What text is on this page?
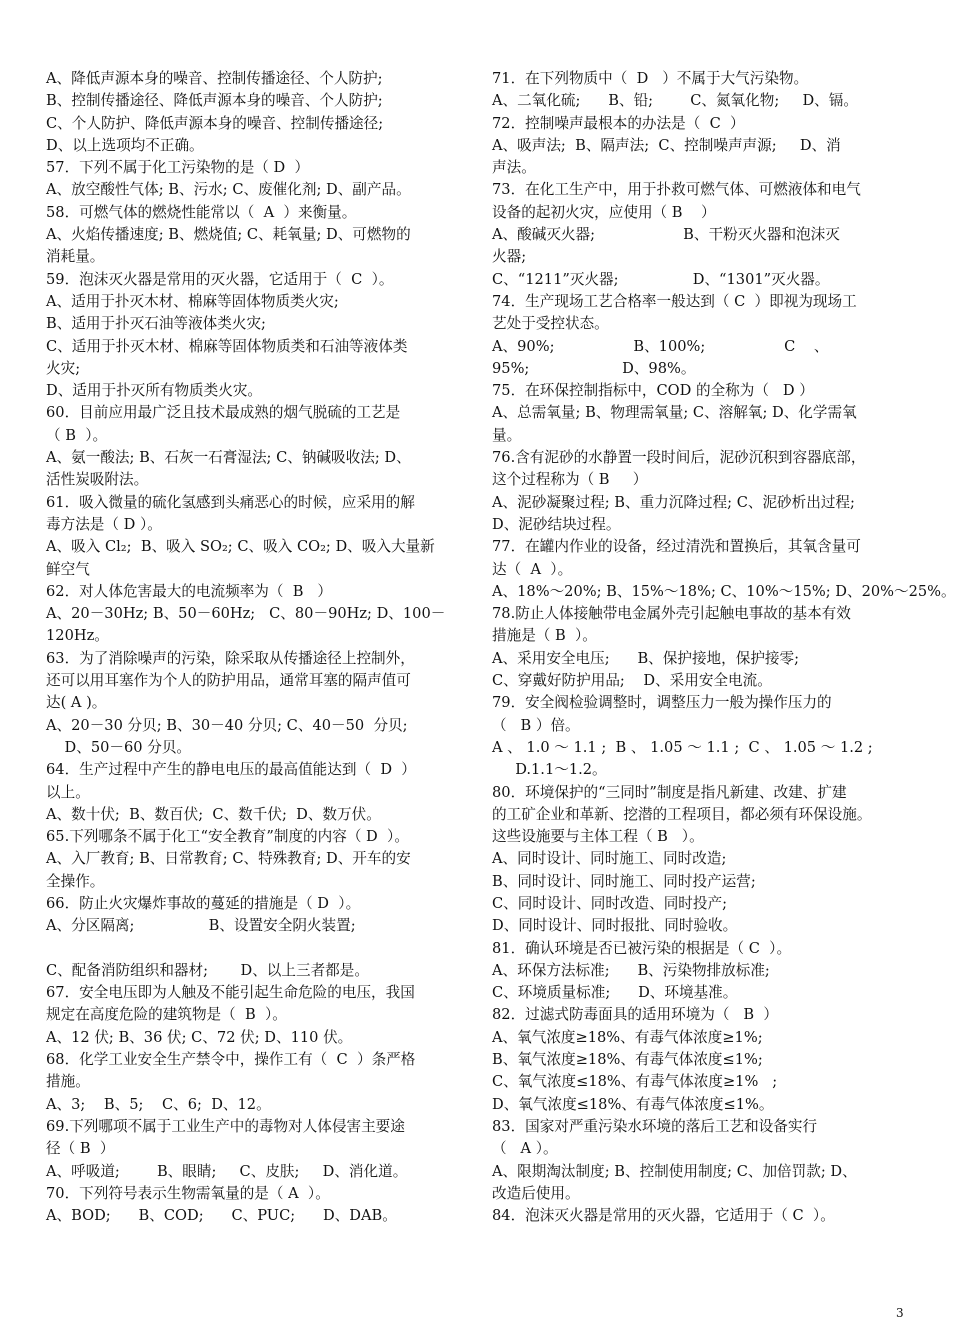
A、降低声源本身的噪音、控制传播途径、个人防护;
B、控制传播途径、降低声源本身的噪音、个人防护;
C、个人防护、降低声源本身的噪音、控制传播途径;
D、以上选项均不正确。
57．下列不属于化工污染物的是（ D  ）
A、放空酸性气体; B、污水; C、废催化剂; D、副产品。
58．可燃气体的燃烧性能常以（  A  ）来衡量。
A、火焰传播速度; B、燃烧值; C、耗氧量; D、可燃物的
消耗量。
59．泡沫灭火器是常用的灭火器，它适用于（  C  ）。
A、适用于扑灭木材、棉麻等固体物质类火灾;
B、适用于扑灭石油等液体类火灾;
C、适用于扑灭木材、棉麻等固体物质类和石油等液体类
火灾;
D、适用于扑灭所有物质类火灾。
60．目前应用最广泛且技术最成熟的烟气脱硫的工艺是
（ B  ）。
A、氨一酸法; B、石灰一石膏湿法; C、钠碱吸收法; D、
活性炭吸附法。
61．吸入微量的硫化氢感到头痛恶心的时候，应采用的解
毒方法是（ D ）。
A、吸入 Cl₂;  B、吸入 SO₂; C、吸入 CO₂; D、吸入大量新
鲜空气
62．对人体危害最大的电流频率为（  B   ）
A、20－30Hz; B、50－60Hz;   C、80－90Hz; D、100－
120Hz。
63．为了消除噪声的污染，除采取从传播途径上控制外，
还可以用耳塞作为个人的防护用品，通常耳塞的隔声值可
达( A )。
A、20－30 分贝; B、30－40 分贝; C、40－50  分贝;
D、50－60 分贝。
64．生产过程中产生的静电电压的最高值能达到（  D  ）
以上。
A、数十伏;  B、数百伏;  C、数千伏;  D、数万伏。
65.下列哪条不属于化工“安全教育”制度的内容（ D  ）。
A、入厂教育; B、日常教育; C、特殊教育; D、开车的安
全操作。
66．防止火灾爆炸事故的蔓延的措施是（ D  ）。
A、分区隔离;                B、设置安全阴火装置;
C、配备消防组织和器材;       D、以上三者都是。
67．安全电压即为人触及不能引起生命危险的电压，我国
规定在高度危险的建筑物是（  B  ）。
A、12 伏; B、36 伏; C、72 伏; D、110 伏。
68．化学工业安全生产禁令中，操作工有（  C  ）条严格
措施。
A、3;    B、5;    C、6;  D、12。
69.下列哪项不属于工业生产中的毒物对人体侵害主要途
径（ B  ）
A、呼吸道;        B、眼睛;     C、皮肤;     D、消化道。
70．下列符号表示生物需氧量的是（ A  ）。
A、BOD;      B、COD;      C、PUC;      D、DAB。
71．在下列物质中（  D   ）不属于大气污染物。
A、二氧化硫;      B、铅;        C、氮氧化物;     D、镉。
72．控制噪声最根本的办法是（  C  ）
A、吸声法;  B、隔声法;  C、控制噪声声源;     D、消
声法。
73．在化工生产中，用于扑救可燃气体、可燃液体和电气
设备的起初火灾，应使用（ B    ）
A、酸碱灭火器;                   B、干粉灭火器和泡沫灭
火器;
C、“1211”灭火器;                D、“1301”灭火器。
74．生产现场工艺合格率一般达到（ C  ）即视为现场工
艺处于受控状态。
A、90%;                 B、100%;                 C    、
95%;                    D、98%。
75．在环保控制指标中，COD 的全称为（   D ）
A、总需氧量; B、物理需氧量; C、溶解氧; D、化学需氧
量。
76.含有泥砂的水静置一段时间后，泥砂沉积到容器底部，
这个过程称为（ B     ）
A、泥砂凝聚过程; B、重力沉降过程; C、泥砂析出过程;
D、泥砂结块过程。
77．在罐内作业的设备，经过清洗和置换后，其氧含量可
达（  A  ）。
A、18%～20%; B、15%～18%; C、10%～15%; D、20%～25%。
78.防止人体接触带电金属外壳引起触电事故的基本有效
措施是（ B  ）。
A、采用安全电压;      B、保护接地，保护接零;
C、穿戴好防护用品;    D、采用安全电流。
79．安全阀检验调整时，调整压力一般为操作压力的
（   B ）倍。
A 、 1.0 ～ 1.1 ;  B 、 1.05 ～ 1.1 ;  C 、 1.05 ～ 1.2 ;
D.1.1～1.2。
80．环境保护的“三同时”制度是指凡新建、改建、扩建
的工矿企业和革新、挖潜的工程项目，都必须有环保设施。
这些设施要与主体工程（ B   ）。
A、同时设计、同时施工、同时改造;
B、同时设计、同时施工、同时投产运营;
C、同时设计、同时改造、同时投产;
D、同时设计、同时报批、同时验收。
81．确认环境是否已被污染的根据是（ C  ）。
A、环保方法标准;      B、污染物排放标准;
C、环境质量标准;      D、环境基准。
82．过滤式防毒面具的适用环境为（   B  ）
A、氧气浓度≥18%、有毒气体浓度≥1%;
B、氧气浓度≥18%、有毒气体浓度≤1%;
C、氧气浓度≤18%、有毒气体浓度≥1%   ;
D、氧气浓度≤18%、有毒气体浓度≤1%。
83．国家对严重污染水环境的落后工艺和设备实行
（   A ）。
A、限期淘汰制度; B、控制使用制度; C、加倍罚款; D、
改造后使用。
84．泡沫灭火器是常用的灭火器，它适用于（ C  ）。
3
